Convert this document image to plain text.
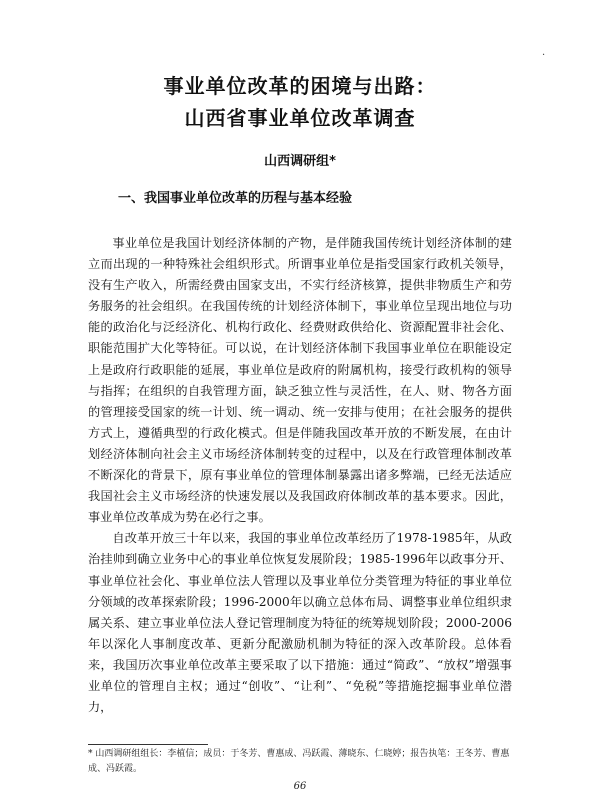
·
事业单位改革的困境与出路：
山西省事业单位改革调查
山西调研组*
一、我国事业单位改革的历程与基本经验

事业单位是我国计划经济体制的产物，是伴随我国传统计划经济体制的建立而出现的一种特殊社会组织形式。所谓事业单位是指受国家行政机关领导，没有生产收入，所需经费由国家支出，不实行经济核算，提供非物质生产和劳务服务的社会组织。在我国传统的计划经济体制下，事业单位呈现出地位与功能的政治化与泛经济化、机构行政化、经费财政供给化、资源配置非社会化、职能范围扩大化等特征。可以说，在计划经济体制下我国事业单位在职能设定上是政府行政职能的延展，事业单位是政府的附属机构，接受行政机构的领导与指挥；在组织的自我管理方面，缺乏独立性与灵活性，在人、财、物各方面的管理接受国家的统一计划、统一调动、统一安排与使用；在社会服务的提供方式上，遵循典型的行政化模式。但是伴随我国改革开放的不断发展，在由计划经济体制向社会主义市场经济体制转变的过程中，以及在行政管理体制改革不断深化的背景下，原有事业单位的管理体制暴露出诸多弊端，已经无法适应我国社会主义市场经济的快速发展以及我国政府体制改革的基本要求。因此，事业单位改革成为势在必行之事。

自改革开放三十年以来，我国的事业单位改革经历了1978-1985年，从政治挂帅到确立业务中心的事业单位恢复发展阶段；1985-1996年以政事分开、事业单位社会化、事业单位法人管理以及事业单位分类管理为特征的事业单位分领域的改革探索阶段；1996-2000年以确立总体布局、调整事业单位组织隶属关系、建立事业单位法人登记管理制度为特征的统筹规划阶段；2000-2006年以深化人事制度改革、更新分配激励机制为特征的深入改革阶段。总体看来，我国历次事业单位改革主要采取了以下措施：通过“简政”、“放权”增强事业单位的管理自主权；通过“创收”、“让利”、“免税”等措施挖掘事业单位潜力，

* 山西调研组组长：李植信；成员：于冬芳、曹惠成、冯跃霞、薄晓东、仁晓婷；报告执笔：王冬芳、曹惠成、冯跃霞。
66
